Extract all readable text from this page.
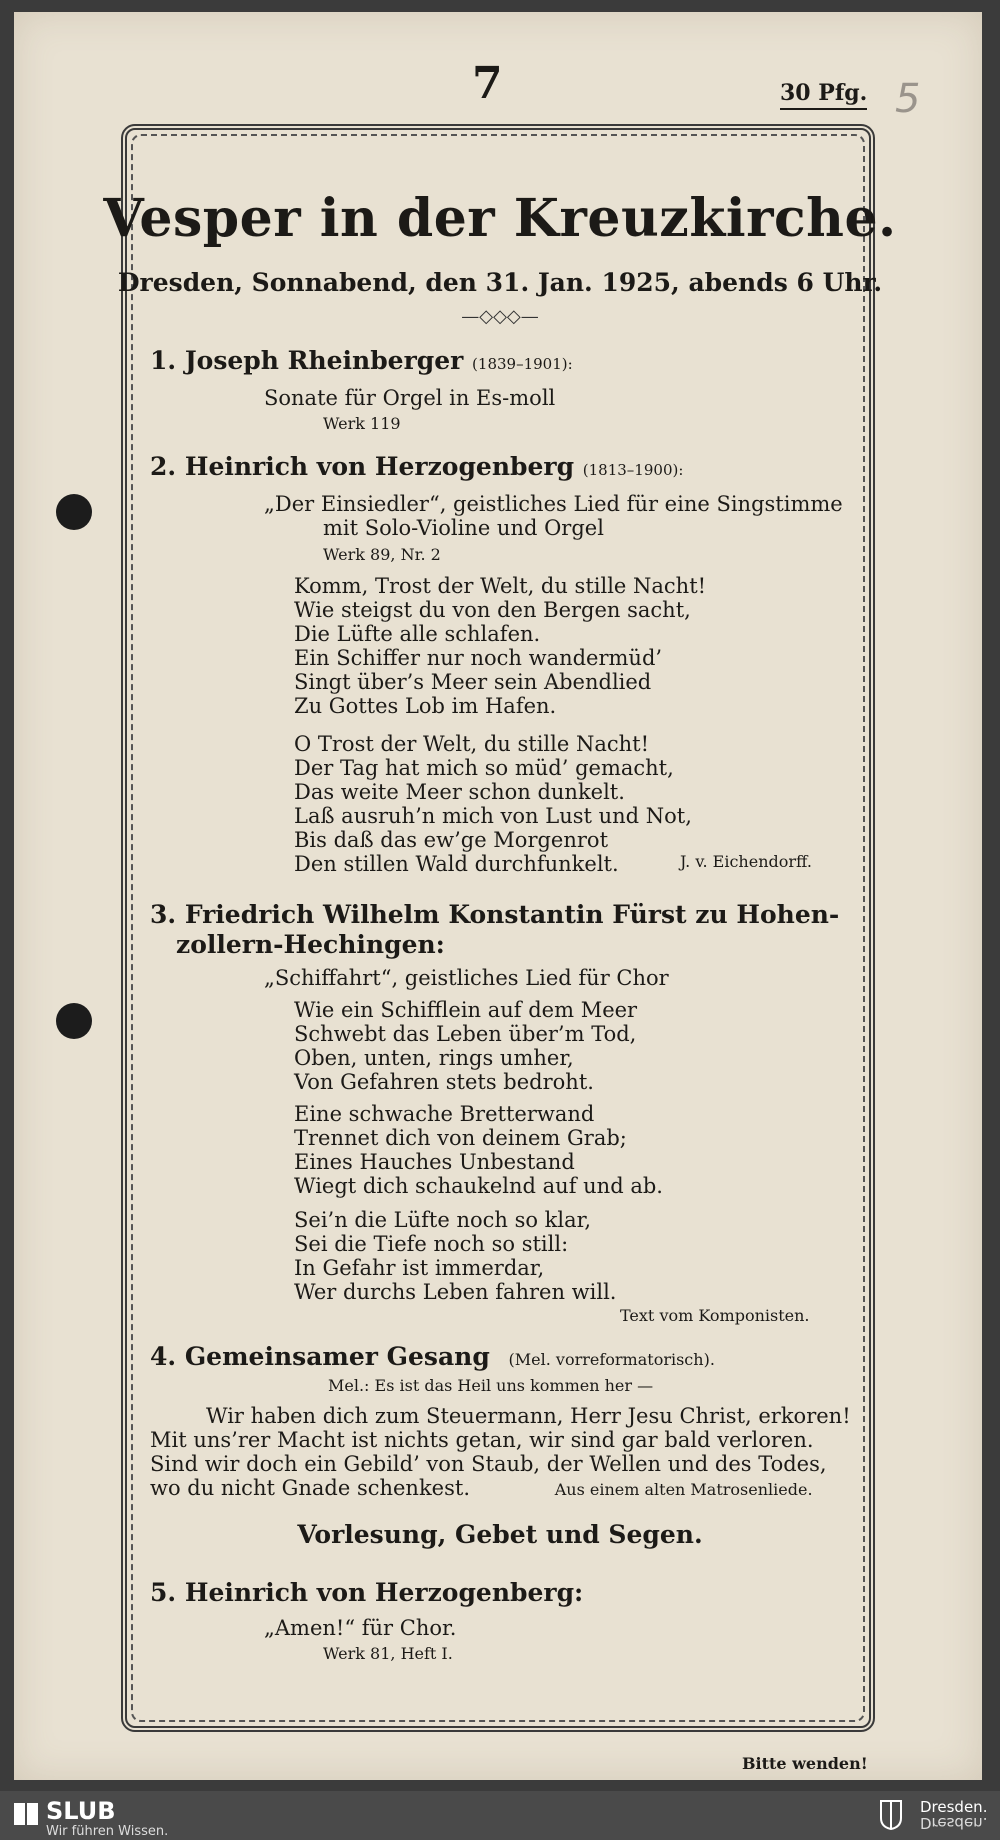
7	30 Pfg. 5
Vesper in der Kreuzkirche.
Dresden, Sonnabend, den 31. Jan. 1925, abends 6 Uhr.
—◇◇◇—
1. Joseph Rheinberger (1839–1901):
Sonate für Orgel in Es-moll
Werk 119
2. Heinrich von Herzogenberg (1813–1900):
„Der Einsiedler“, geistliches Lied für eine Singstimme
mit Solo-Violine und Orgel
Werk 89, Nr. 2
Komm, Trost der Welt, du stille Nacht!
Wie steigst du von den Bergen sacht,
Die Lüfte alle schlafen.
Ein Schiffer nur noch wandermüd’
Singt über’s Meer sein Abendlied
Zu Gottes Lob im Hafen.
O Trost der Welt, du stille Nacht!
Der Tag hat mich so müd’ gemacht,
Das weite Meer schon dunkelt.
Laß ausruh’n mich von Lust und Not,
Bis daß das ew’ge Morgenrot
Den stillen Wald durchfunkelt.	J. v. Eichendorff.
3. Friedrich Wilhelm Konstantin Fürst zu Hohen-
zollern-Hechingen:
„Schiffahrt“, geistliches Lied für Chor
Wie ein Schifflein auf dem Meer
Schwebt das Leben über’m Tod,
Oben, unten, rings umher,
Von Gefahren stets bedroht.
Eine schwache Bretterwand
Trennet dich von deinem Grab;
Eines Hauches Unbestand
Wiegt dich schaukelnd auf und ab.
Sei’n die Lüfte noch so klar,
Sei die Tiefe noch so still:
In Gefahr ist immerdar,
Wer durchs Leben fahren will.
Text vom Komponisten.
4. Gemeinsamer Gesang (Mel. vorreformatorisch).
Mel.: Es ist das Heil uns kommen her —
Wir haben dich zum Steuermann, Herr Jesu Christ, erkoren!
Mit uns’rer Macht ist nichts getan, wir sind gar bald verloren.
Sind wir doch ein Gebild’ von Staub, der Wellen und des Todes,
wo du nicht Gnade schenkest.	Aus einem alten Matrosenliede.
Vorlesung, Gebet und Segen.
5. Heinrich von Herzogenberg:
„Amen!“ für Chor.
Werk 81, Heft I.
Bitte wenden!
SLUB
Wir führen Wissen.
Dresden.
Dresden.
